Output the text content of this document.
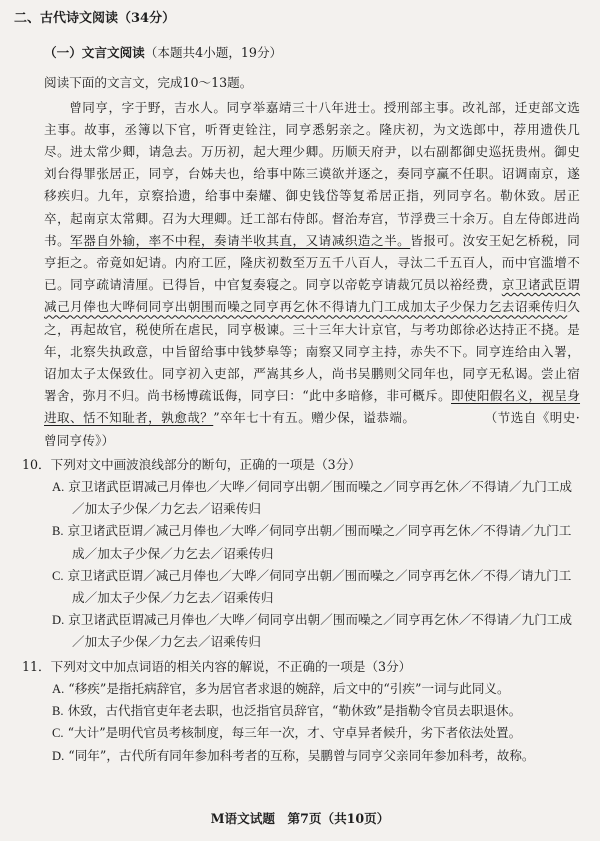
二、古代诗文阅读（34分）
（一）文言文阅读（本题共4小题，19分）
阅读下面的文言文，完成10～13题。
曾同亨，字于野，吉水人。同亨举嘉靖三十八年进士。授刑部主事。改礼部，迁吏部文选主事。故事，丞簿以下官，听胥吏铨注，同亨悉躬亲之。隆庆初，为文选郎中，荐用遗佚几尽。进太常少卿，请急去。万历初，起大理少卿。历顺天府尹，以右副都御史巡抚贵州。御史刘台得罪张居正，同亨，台姊夫也，给事中陈三谟欲并逐之，奏同亨赢不任职。诏调南京，遂移疾归。九年，京察拾遗，给事中秦耀、御史钱岱等复希居正指，列同亨名。勒休致。居正卒，起南京太常卿。召为大理卿。迁工部右侍郎。督治寿宫，节浮费三十余万。自左侍郎进尚书。军器自外输，率不中程，奏请半收其直，又请减织造之半。皆报可。汝安王妃乞桥税，同亨拒之。帝竟如妃请。内府工匠，隆庆初数至万五千八百人，寻汰二千五百人，而中官滥增不已。同亨疏请清厘。已得旨，中官复奏寝之。同亨以帝乾亨请裁冗员以裕经费，京卫诸武臣谓减己月俸也大哗伺同亨出朝围而噪之同亨再乞休不得请九门工成加太子少保力乞去诏乘传归久之，再起故官，税使所在虐民，同亨极谏。三十三年大计京官，与考功郎徐必达持正不挠。是年，北察失执政意，中旨留给事中钱梦皋等；南察又同亨主持，赤失不下。同亨连给由入署，诏加太子太保致仕。同亨初入吏部，严嵩其乡人，尚书吴鹏则父同年也，同亨无私谒。尝止宿署舍，弥月不归。尚书杨博疏诋侮，同亨曰：“此中多暗修，非可概斥。即使阳假名义，视呈身进取、恬不知耻者，孰愈哉？”卒年七十有五。赠少保，谥恭端。	（节选自《明史·曾同亨传》）
10．下列对文中画波浪线部分的断句，正确的一项是（3分）
A. 京卫诸武臣谓减己月俸也／大哗／伺同亨出朝／围而噪之／同亨再乞休／不得请／九门工成／加太子少保／力乞去／诏乘传归
B. 京卫诸武臣谓／减己月俸也／大哗／伺同亨出朝／围而噪之／同亨再乞休／不得请／九门工成／加太子少保／力乞去／诏乘传归
C. 京卫诸武臣谓／减己月俸也／大哗／伺同亨出朝／围而噪之／同亨再乞休／不得／请九门工成／加太子少保／力乞去／诏乘传归
D. 京卫诸武臣谓减己月俸也／大哗／伺同亨出朝／围而噪之／同亨再乞休／不得请／九门工成／加太子少保／力乞去／诏乘传归
11．下列对文中加点词语的相关内容的解说，不正确的一项是（3分）
A. “移疾”是指托病辞官，多为居官者求退的婉辞，后文中的“引疾”一词与此同义。
B. 休致，古代指官吏年老去职，也泛指官员辞官，“勒休致”是指勒令官员去职退休。
C. “大计”是明代官员考核制度，每三年一次，才、守卓异者候升，劣下者依法处置。
D. “同年”，古代所有同年参加科考者的互称，吴鹏曾与同亨父亲同年参加科考，故称。
M语文试题　第7页（共10页）
